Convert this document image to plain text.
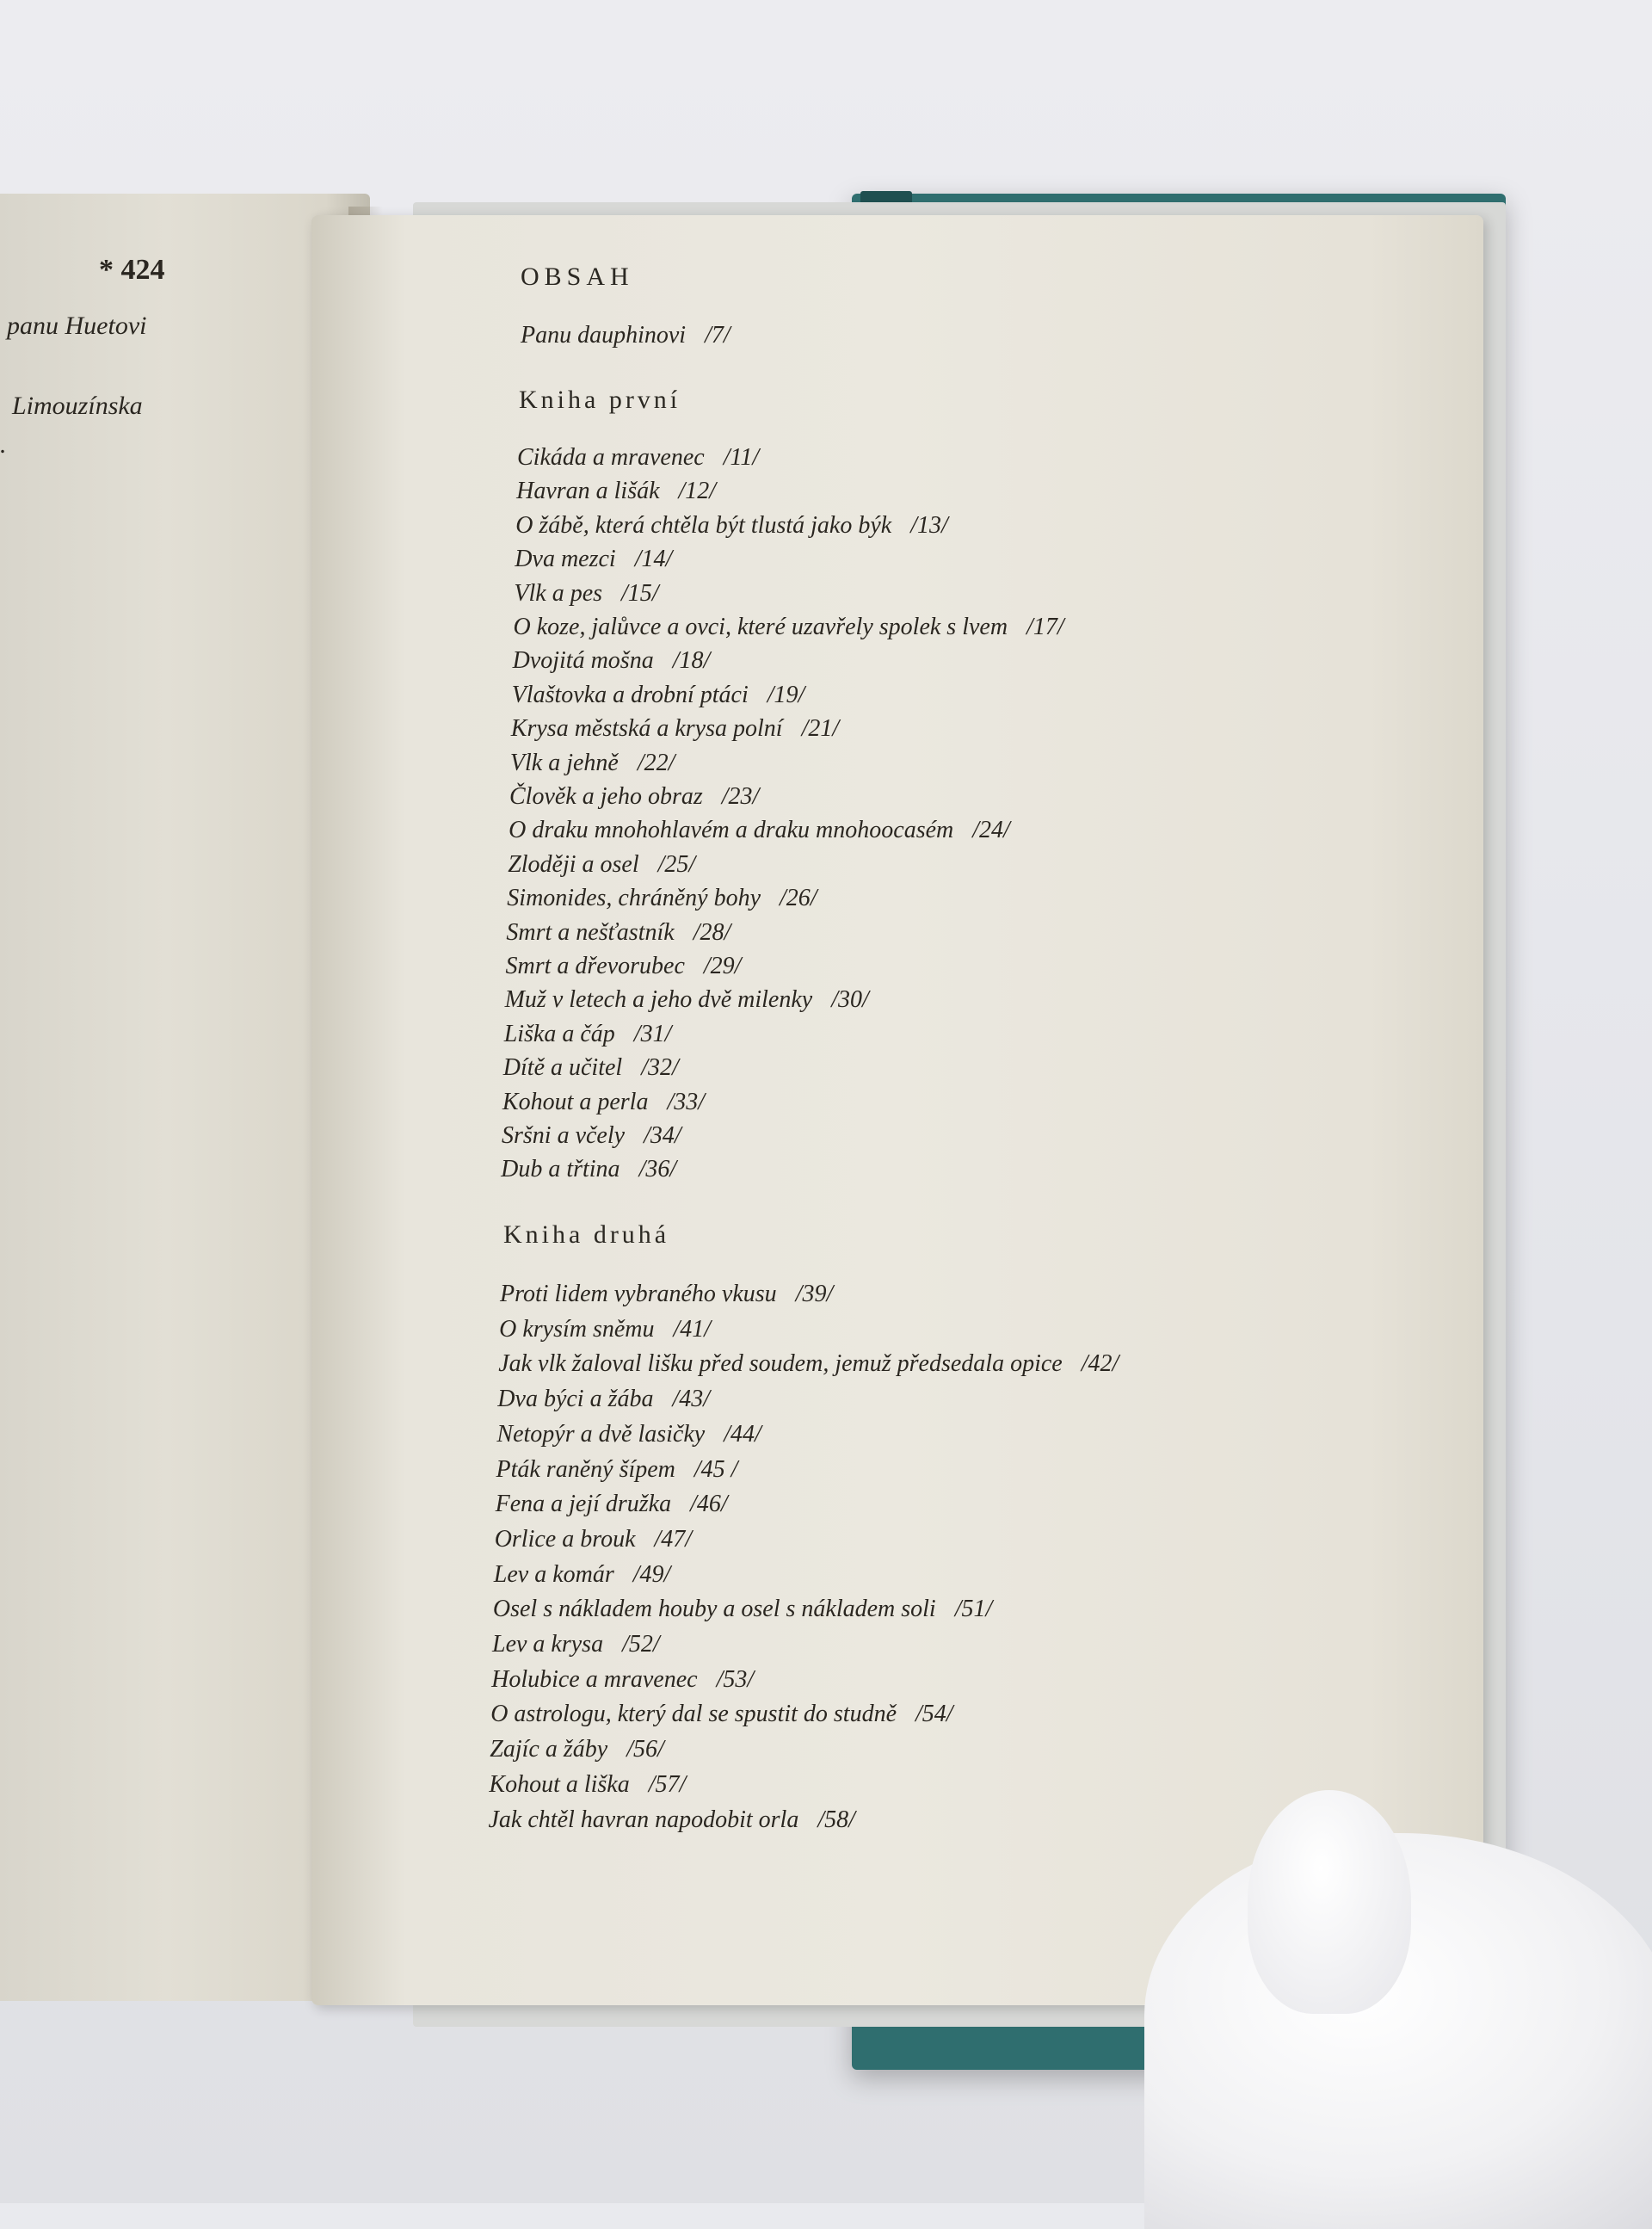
* 424
panu Huetovi
Limouzínska
.
OBSAH
Panu dauphinovi /7/
Kniha první
Cikáda a mravenec /11/
Havran a lišák /12/
O žábě, která chtěla být tlustá jako býk /13/
Dva mezci /14/
Vlk a pes /15/
O koze, jalůvce a ovci, které uzavřely spolek s lvem /17/
Dvojitá mošna /18/
Vlaštovka a drobní ptáci /19/
Krysa městská a krysa polní /21/
Vlk a jehně /22/
Člověk a jeho obraz /23/
O draku mnohohlavém a draku mnohoocasém /24/
Zloději a osel /25/
Simonides, chráněný bohy /26/
Smrt a nešťastník /28/
Smrt a dřevorubec /29/
Muž v letech a jeho dvě milenky /30/
Liška a čáp /31/
Dítě a učitel /32/
Kohout a perla /33/
Sršni a včely /34/
Dub a třtina /36/
Kniha druhá
Proti lidem vybraného vkusu /39/
O krysím sněmu /41/
Jak vlk žaloval lišku před soudem, jemuž předsedala opice /42/
Dva býci a žába /43/
Netopýr a dvě lasičky /44/
Pták raněný šípem /45 /
Fena a její družka /46/
Orlice a brouk /47/
Lev a komár /49/
Osel s nákladem houby a osel s nákladem soli /51/
Lev a krysa /52/
Holubice a mravenec /53/
O astrologu, který dal se spustit do studně /54/
Zajíc a žáby /56/
Kohout a liška /57/
Jak chtěl havran napodobit orla /58/
